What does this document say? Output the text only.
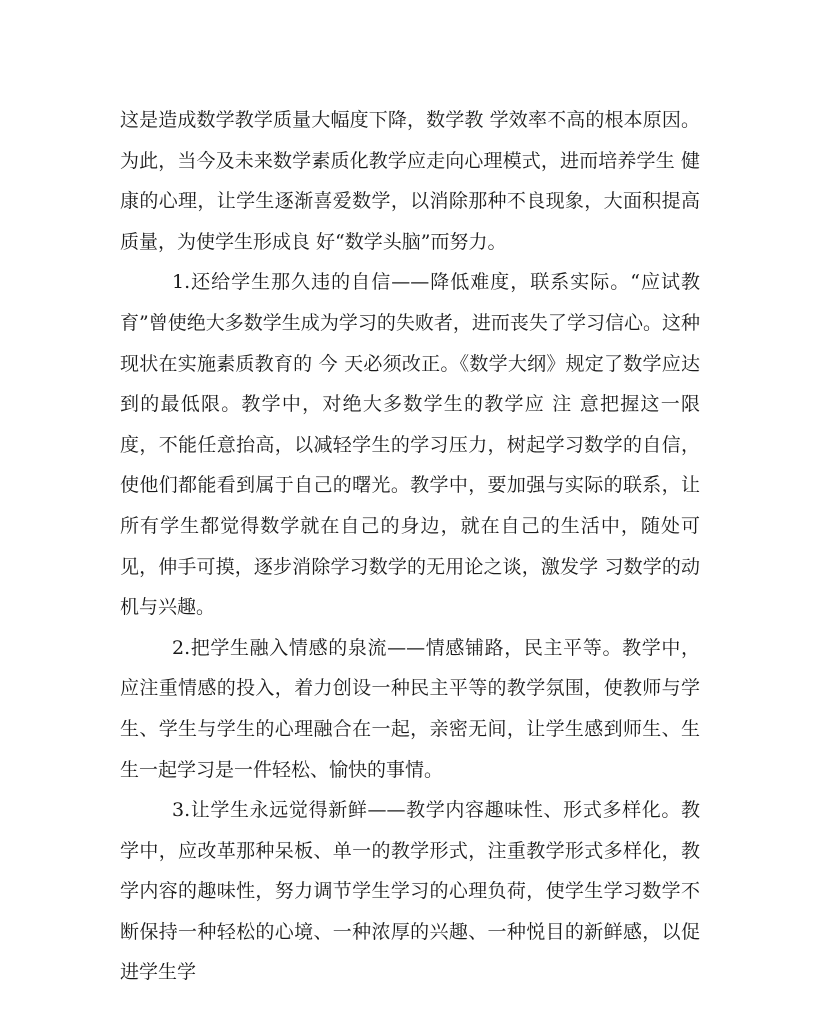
这是造成数学教学质量大幅度下降，数学教 学效率不高的根本原因。为此，当今及未来数学素质化教学应走向心理模式，进而培养学生 健 康的心理，让学生逐渐喜爱数学，以消除那种不良现象，大面积提高质量，为使学生形成良 好“数学头脑”而努力。

1.还给学生那久违的自信——降低难度，联系实际。“应试教 育”曾使绝大多数学生成为学习的失败者，进而丧失了学习信心。这种现状在实施素质教育的 今 天必须改正。《数学大纲》规定了数学应达到的最低限。教学中，对绝大多数学生的教学应 注 意把握这一限度，不能任意抬高，以减轻学生的学习压力，树起学习数学的自信，使他们都能看到属于自己的曙光。教学中，要加强与实际的联系，让所有学生都觉得数学就在自己的身边，就在自己的生活中，随处可见，伸手可摸，逐步消除学习数学的无用论之谈，激发学 习数学的动机与兴趣。

2.把学生融入情感的泉流——情感铺路，民主平等。教学中，应注重情感的投入，着力创设一种民主平等的教学氛围，使教师与学生、学生与学生的心理融合在一起，亲密无间，让学生感到师生、生生一起学习是一件轻松、愉快的事情。

3.让学生永远觉得新鲜——教学内容趣味性、形式多样化。教学中，应改革那种呆板、单一的教学形式，注重教学形式多样化，教学内容的趣味性，努力调节学生学习的心理负荷，使学生学习数学不断保持一种轻松的心境、一种浓厚的兴趣、一种悦目的新鲜感，以促进学生学
